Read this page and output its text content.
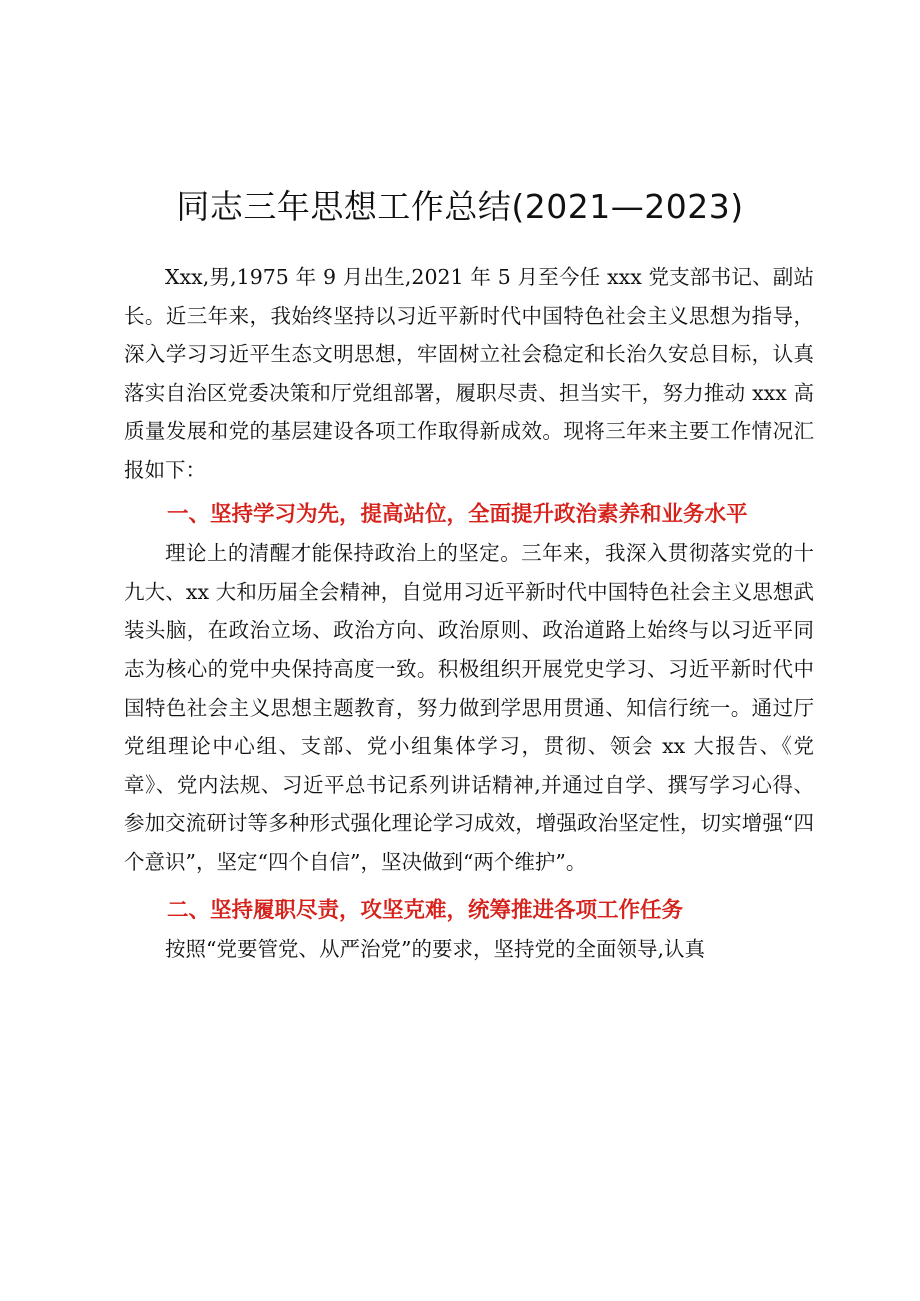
同志三年思想工作总结(2021—2023)

Xxx,男,1975 年 9 月出生,2021 年 5 月至今任 xxx 党支部书记、副站长。近三年来，我始终坚持以习近平新时代中国特色社会主义思想为指导，深入学习习近平生态文明思想，牢固树立社会稳定和长治久安总目标，认真落实自治区党委决策和厅党组部署，履职尽责、担当实干，努力推动 xxx 高质量发展和党的基层建设各项工作取得新成效。现将三年来主要工作情况汇报如下：

一、坚持学习为先，提高站位，全面提升政治素养和业务水平

理论上的清醒才能保持政治上的坚定。三年来，我深入贯彻落实党的十九大、xx 大和历届全会精神，自觉用习近平新时代中国特色社会主义思想武装头脑，在政治立场、政治方向、政治原则、政治道路上始终与以习近平同志为核心的党中央保持高度一致。积极组织开展党史学习、习近平新时代中国特色社会主义思想主题教育，努力做到学思用贯通、知信行统一。通过厅党组理论中心组、支部、党小组集体学习，贯彻、领会 xx 大报告、《党章》、党内法规、习近平总书记系列讲话精神,并通过自学、撰写学习心得、参加交流研讨等多种形式强化理论学习成效，增强政治坚定性，切实增强“四个意识”，坚定“四个自信”，坚决做到“两个维护”。

二、坚持履职尽责，攻坚克难，统筹推进各项工作任务

按照“党要管党、从严治党”的要求，坚持党的全面领导,认真
